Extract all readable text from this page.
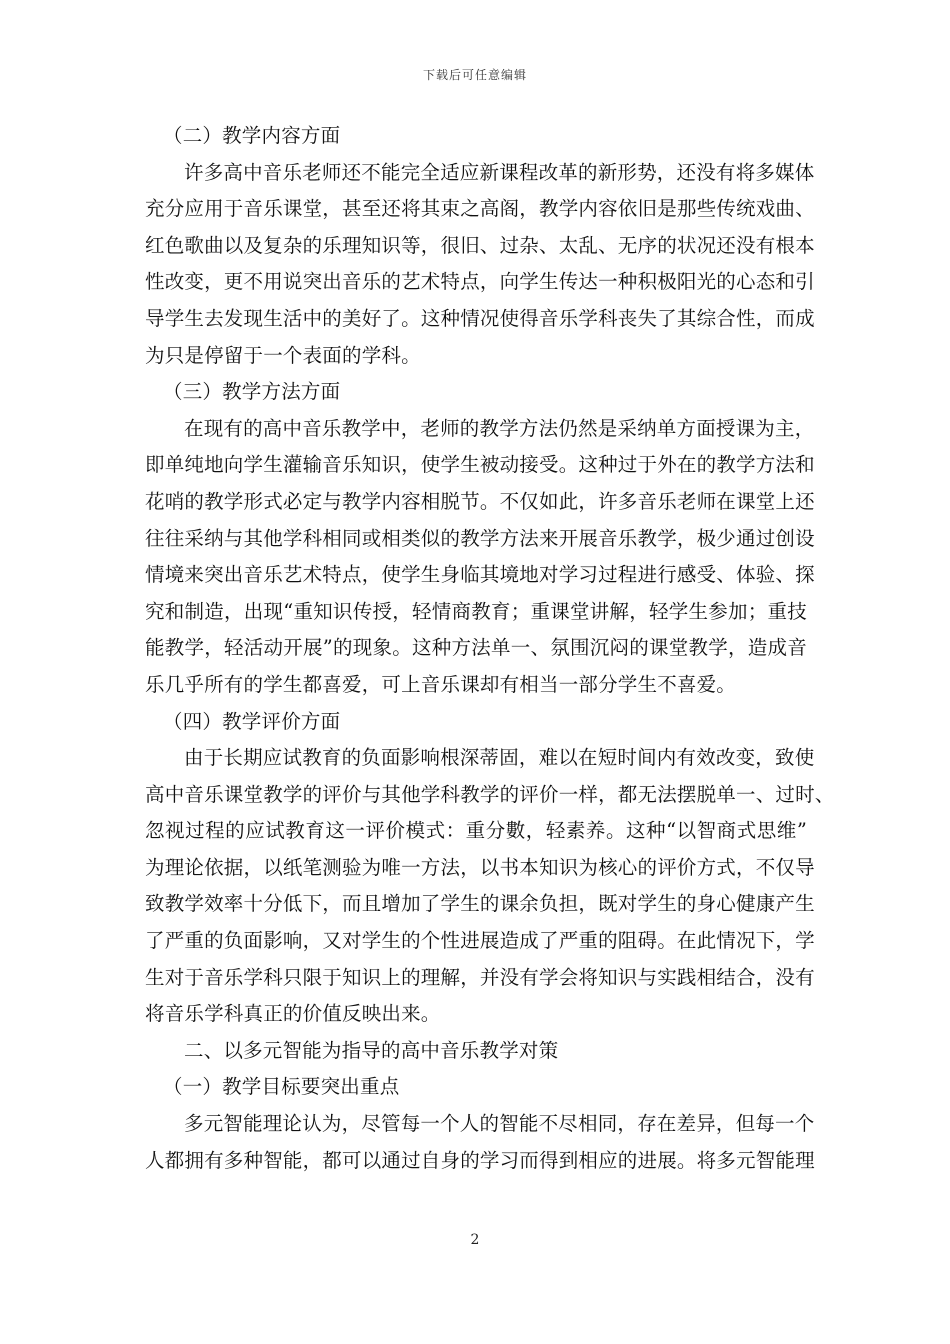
下载后可任意编辑
（二）教学内容方面
许多高中音乐老师还不能完全适应新课程改革的新形势，还没有将多媒体
充分应用于音乐课堂，甚至还将其束之高阁，教学内容依旧是那些传统戏曲、
红色歌曲以及复杂的乐理知识等，很旧、过杂、太乱、无序的状况还没有根本
性改变，更不用说突出音乐的艺术特点，向学生传达一种积极阳光的心态和引
导学生去发现生活中的美好了。这种情况使得音乐学科丧失了其综合性，而成
为只是停留于一个表面的学科。
（三）教学方法方面
在现有的高中音乐教学中，老师的教学方法仍然是采纳单方面授课为主，
即单纯地向学生灌输音乐知识，使学生被动接受。这种过于外在的教学方法和
花哨的教学形式必定与教学内容相脱节。不仅如此，许多音乐老师在课堂上还
往往采纳与其他学科相同或相类似的教学方法来开展音乐教学，极少通过创设
情境来突出音乐艺术特点，使学生身临其境地对学习过程进行感受、体验、探
究和制造，出现“重知识传授，轻情商教育；重课堂讲解，轻学生参加；重技
能教学，轻活动开展”的现象。这种方法单一、氛围沉闷的课堂教学，造成音
乐几乎所有的学生都喜爱，可上音乐课却有相当一部分学生不喜爱。
（四）教学评价方面
由于长期应试教育的负面影响根深蒂固，难以在短时间内有效改变，致使
高中音乐课堂教学的评价与其他学科教学的评价一样，都无法摆脱单一、过时、
忽视过程的应试教育这一评价模式：重分數，轻素养。这种“以智商式思维”
为理论依据，以纸笔测验为唯一方法，以书本知识为核心的评价方式，不仅导
致教学效率十分低下，而且增加了学生的课余负担，既对学生的身心健康产生
了严重的负面影响，又对学生的个性进展造成了严重的阻碍。在此情况下，学
生对于音乐学科只限于知识上的理解，并没有学会将知识与实践相结合，没有
将音乐学科真正的价值反映出来。
二、以多元智能为指导的高中音乐教学对策
（一）教学目标要突出重点
多元智能理论认为，尽管每一个人的智能不尽相同，存在差异，但每一个
人都拥有多种智能，都可以通过自身的学习而得到相应的进展。将多元智能理
2
